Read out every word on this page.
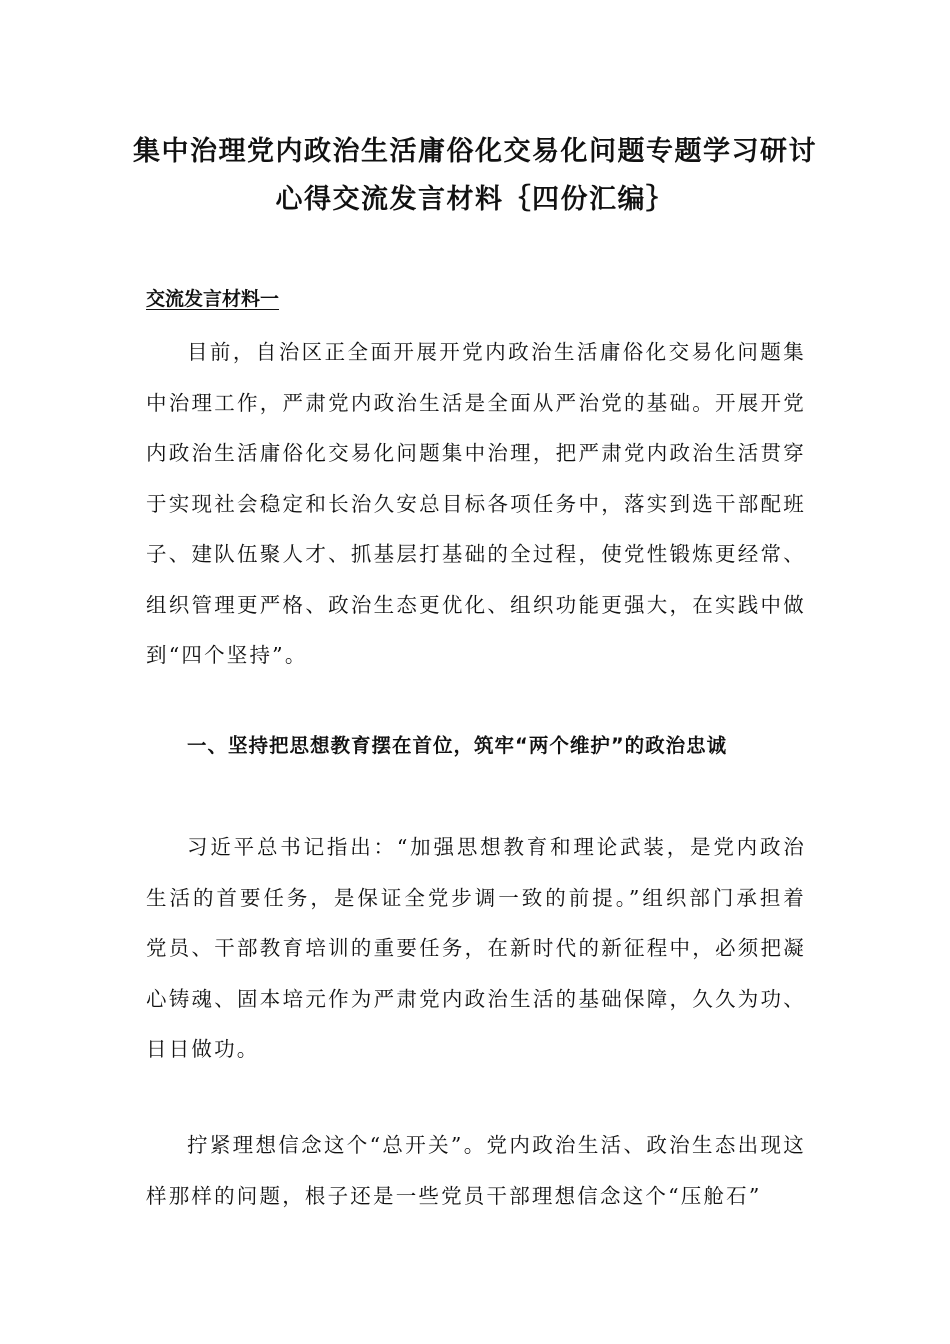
集中治理党内政治生活庸俗化交易化问题专题学习研讨心得交流发言材料｛四份汇编｝

交流发言材料一

目前，自治区正全面开展开党内政治生活庸俗化交易化问题集中治理工作，严肃党内政治生活是全面从严治党的基础。开展开党内政治生活庸俗化交易化问题集中治理，把严肃党内政治生活贯穿于实现社会稳定和长治久安总目标各项任务中，落实到选干部配班子、建队伍聚人才、抓基层打基础的全过程，使党性锻炼更经常、组织管理更严格、政治生态更优化、组织功能更强大，在实践中做到“四个坚持”。

一、坚持把思想教育摆在首位，筑牢“两个维护”的政治忠诚

习近平总书记指出：“加强思想教育和理论武装，是党内政治生活的首要任务，是保证全党步调一致的前提。”组织部门承担着党员、干部教育培训的重要任务，在新时代的新征程中，必须把凝心铸魂、固本培元作为严肃党内政治生活的基础保障，久久为功、日日做功。

拧紧理想信念这个“总开关”。党内政治生活、政治生态出现这样那样的问题，根子还是一些党员干部理想信念这个“压舱石”
